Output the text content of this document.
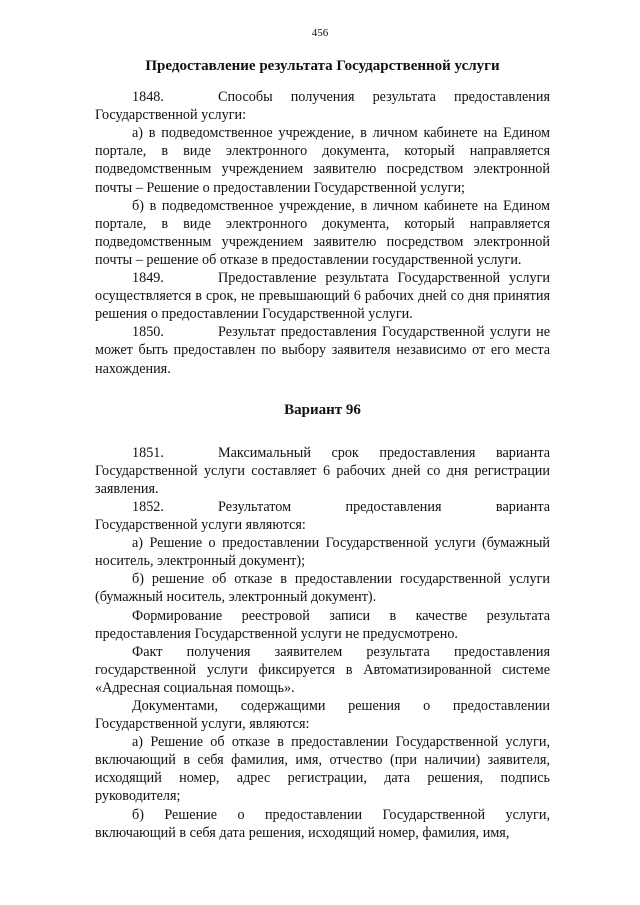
456
Предоставление результата Государственной услуги

1848.	Способы получения результата предоставления Государственной услуги:

а) в подведомственное учреждение, в личном кабинете на Едином портале, в виде электронного документа, который направляется подведомственным учреждением заявителю посредством электронной почты – Решение о предоставлении Государственной услуги;

б) в подведомственное учреждение, в личном кабинете на Едином портале, в виде электронного документа, который направляется подведомственным учреждением заявителю посредством электронной почты – решение об отказе в предоставлении государственной услуги.

1849.	Предоставление результата Государственной услуги осуществляется в срок, не превышающий 6 рабочих дней со дня принятия решения о предоставлении Государственной услуги.

1850.	Результат предоставления Государственной услуги не может быть предоставлен по выбору заявителя независимо от его места нахождения.

Вариант 96

1851.	Максимальный срок предоставления варианта Государственной услуги составляет 6 рабочих дней со дня регистрации заявления.

1852.	Результатом предоставления варианта Государственной услуги являются:

а) Решение о предоставлении Государственной услуги (бумажный носитель, электронный документ);

б) решение об отказе в предоставлении государственной услуги (бумажный носитель, электронный документ).

Формирование реестровой записи в качестве результата предоставления Государственной услуги не предусмотрено.

Факт получения заявителем результата предоставления государственной услуги фиксируется в Автоматизированной системе «Адресная социальная помощь».

Документами, содержащими решения о предоставлении Государственной услуги, являются:

а) Решение об отказе в предоставлении Государственной услуги, включающий в себя фамилия, имя, отчество (при наличии) заявителя, исходящий номер, адрес регистрации, дата решения, подпись руководителя;

б) Решение о предоставлении Государственной услуги, включающий в себя дата решения, исходящий номер, фамилия, имя,
